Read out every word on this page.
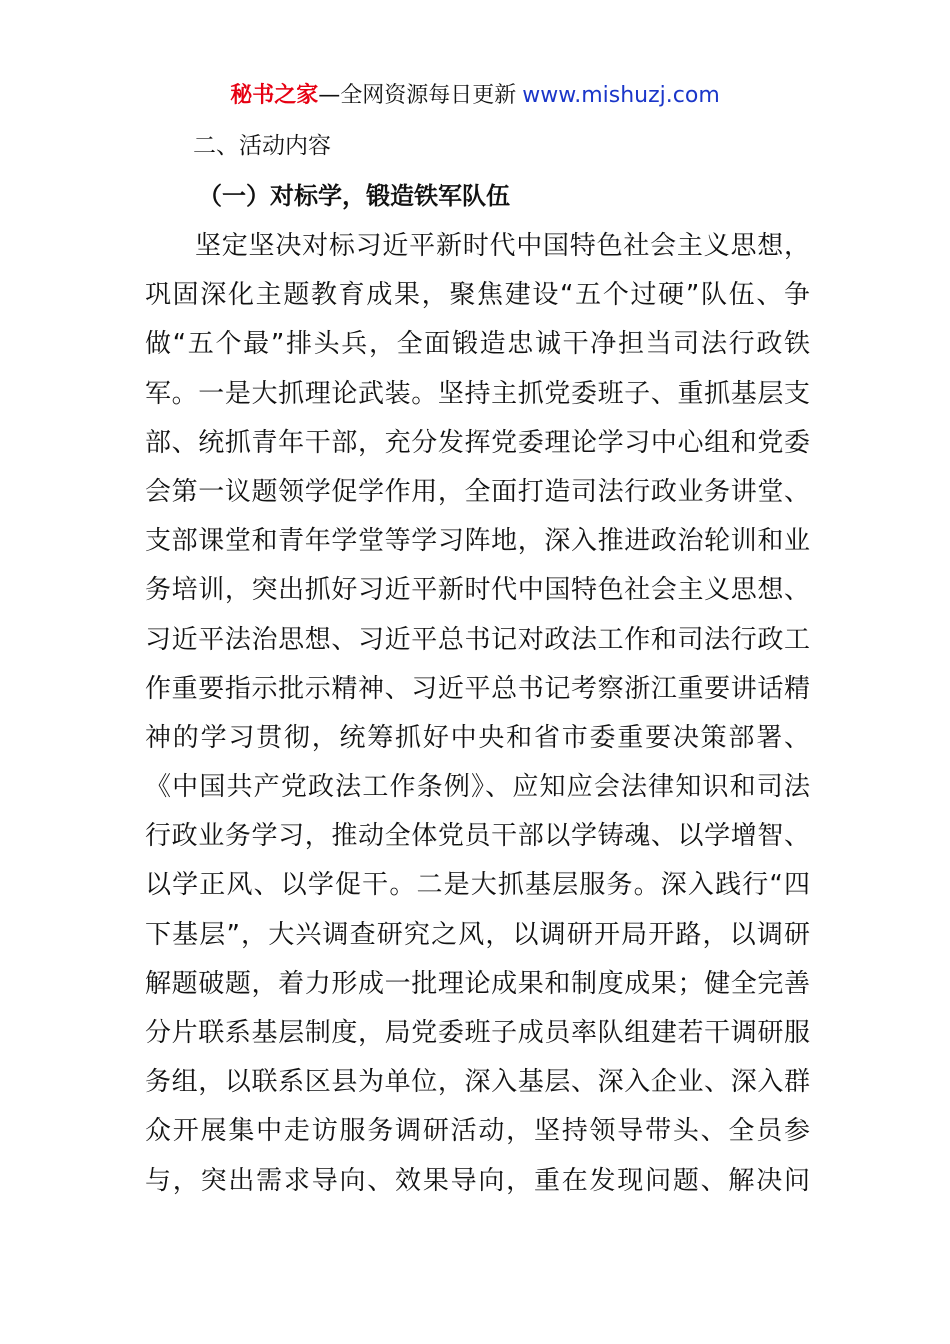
秘书之家—全网资源每日更新 www.mishuzj.com
二、活动内容
（一）对标学，锻造铁军队伍
坚定坚决对标习近平新时代中国特色社会主义思想，
巩固深化主题教育成果，聚焦建设“五个过硬”队伍、争
做“五个最”排头兵，全面锻造忠诚干净担当司法行政铁
军。一是大抓理论武装。坚持主抓党委班子、重抓基层支
部、统抓青年干部，充分发挥党委理论学习中心组和党委
会第一议题领学促学作用，全面打造司法行政业务讲堂、
支部课堂和青年学堂等学习阵地，深入推进政治轮训和业
务培训，突出抓好习近平新时代中国特色社会主义思想、
习近平法治思想、习近平总书记对政法工作和司法行政工
作重要指示批示精神、习近平总书记考察浙江重要讲话精
神的学习贯彻，统筹抓好中央和省市委重要决策部署、
《中国共产党政法工作条例》、应知应会法律知识和司法
行政业务学习，推动全体党员干部以学铸魂、以学增智、
以学正风、以学促干。二是大抓基层服务。深入践行“四
下基层”，大兴调查研究之风，以调研开局开路，以调研
解题破题，着力形成一批理论成果和制度成果；健全完善
分片联系基层制度，局党委班子成员率队组建若干调研服
务组，以联系区县为单位，深入基层、深入企业、深入群
众开展集中走访服务调研活动，坚持领导带头、全员参
与，突出需求导向、效果导向，重在发现问题、解决问
